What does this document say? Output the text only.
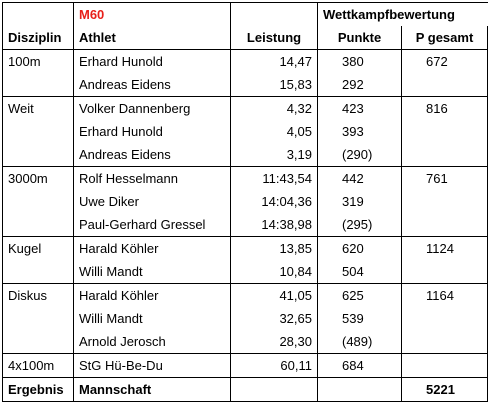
	M60		Wettkampfbewertung	
Disziplin	Athlet	Leistung	Punkte	P gesamt
100m	Erhard Hunold	14,47	380	672
	Andreas Eidens	15,83	292	
Weit	Volker Dannenberg	4,32	423	816
	Erhard Hunold	4,05	393	
	Andreas Eidens	3,19	(290)	
3000m	Rolf Hesselmann	11:43,54	442	761
	Uwe Diker	14:04,36	319	
	Paul-Gerhard Gressel	14:38,98	(295)	
Kugel	Harald Köhler	13,85	620	1124
	Willi Mandt	10,84	504	
Diskus	Harald Köhler	41,05	625	1164
	Willi Mandt	32,65	539	
	Arnold Jerosch	28,30	(489)	
4x100m	StG Hü-Be-Du	60,11	684	
Ergebnis	Mannschaft			5221
